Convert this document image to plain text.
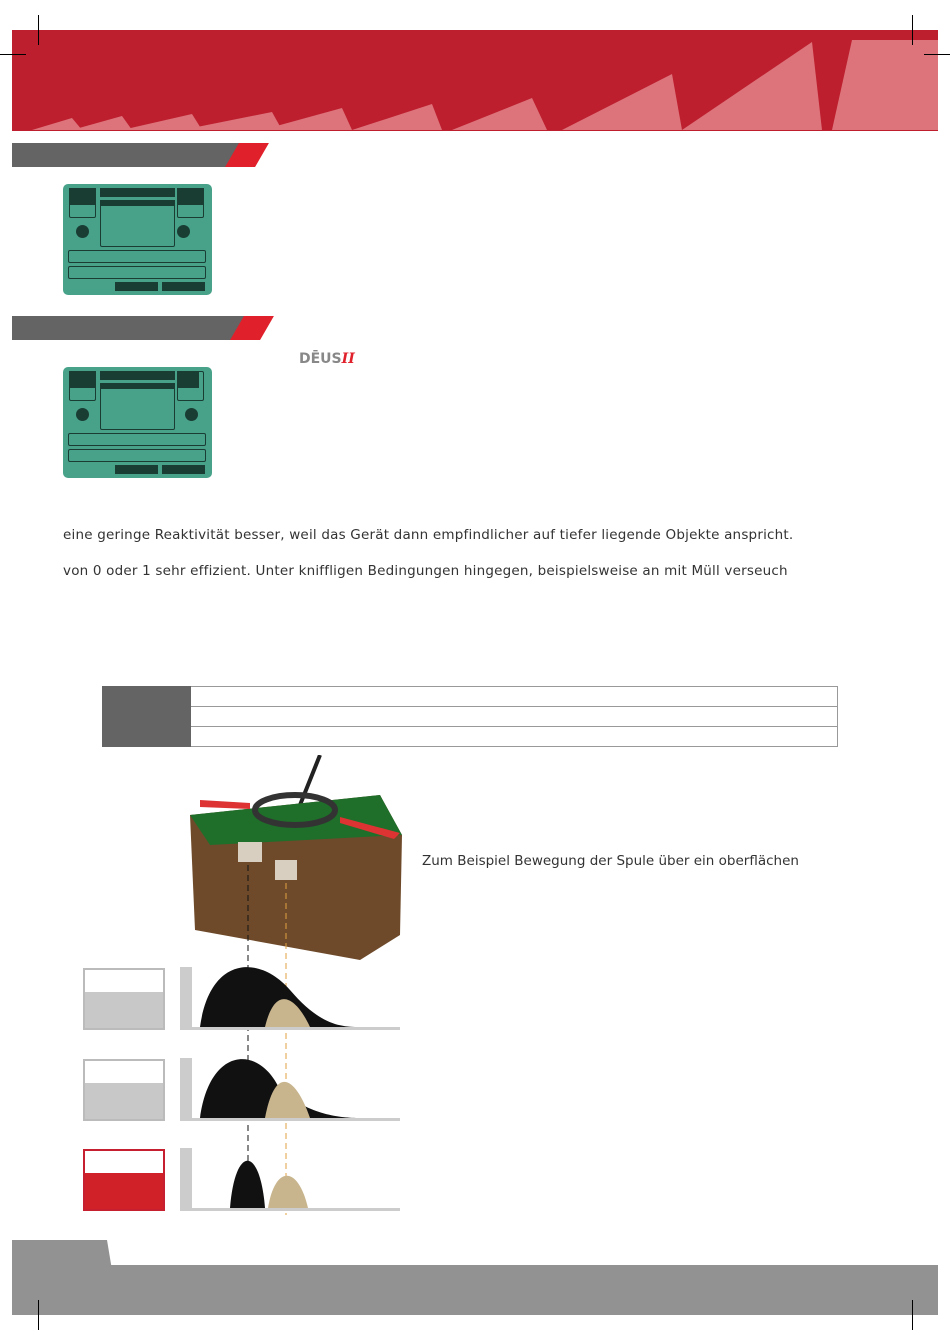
DĒUSII
eine geringe Reaktivität besser, weil das Gerät dann empfindlicher auf tiefer liegende Objekte anspricht.
von 0 oder 1 sehr effizient. Unter kniffligen Bedingungen hingegen, beispielsweise an mit Müll verseuch

Zum Beispiel Bewegung der Spule über ein oberflächen
